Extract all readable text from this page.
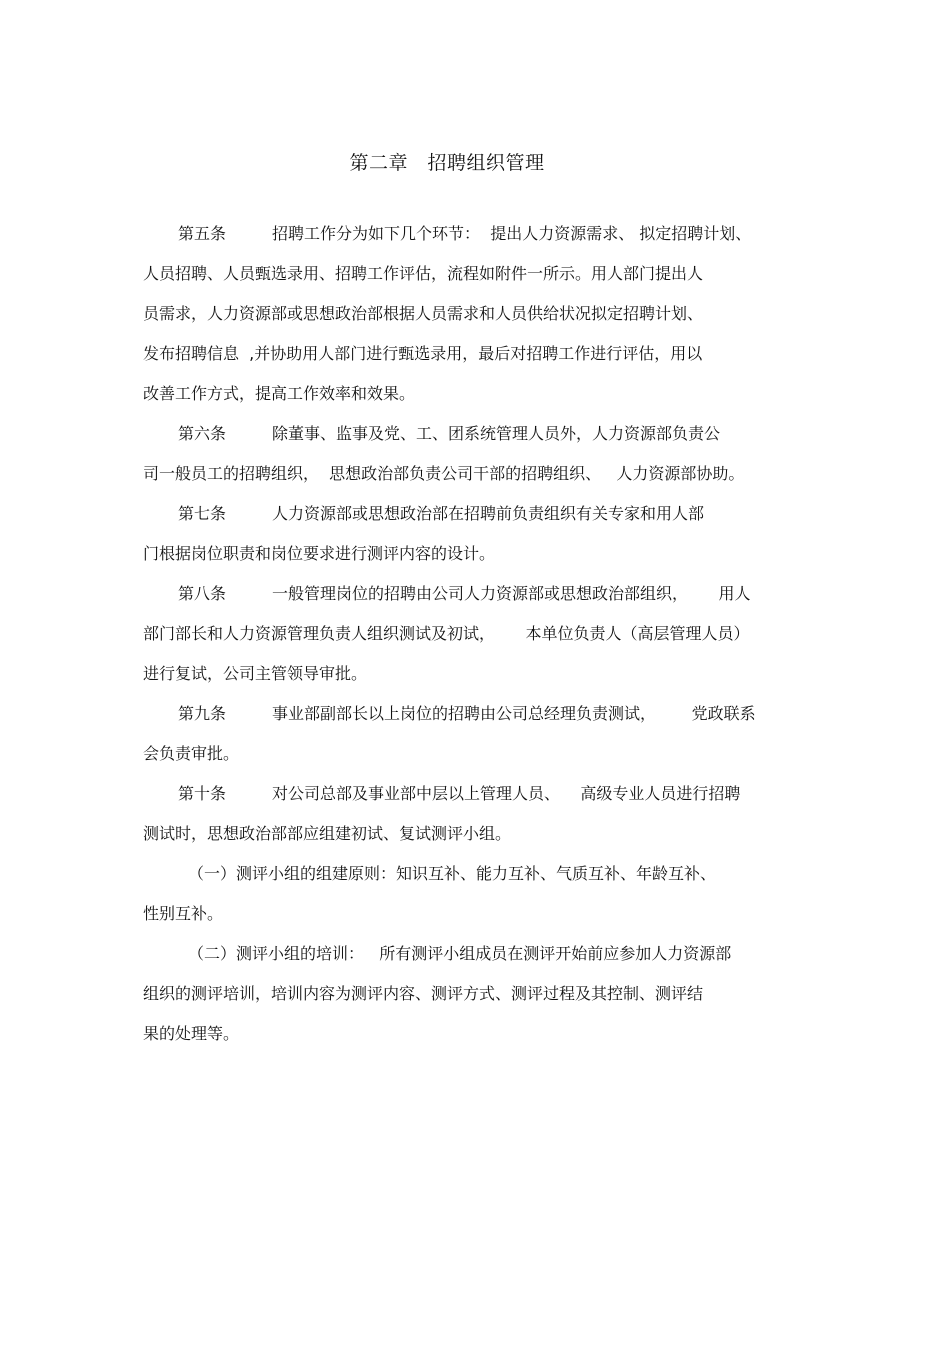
第二章   招聘组织管理
第五条	招聘工作分为如下几个环节：  提出人力资源需求、 拟定招聘计划、
人员招聘、人员甄选录用、招聘工作评估，流程如附件一所示。用人部门提出人
员需求，人力资源部或思想政治部根据人员需求和人员供给状况拟定招聘计划、
发布招聘信息  ,并协助用人部门进行甄选录用，最后对招聘工作进行评估，用以
改善工作方式，提高工作效率和效果。
第六条	除董事、监事及党、工、团系统管理人员外，人力资源部负责公
司一般员工的招聘组织，  思想政治部负责公司干部的招聘组织、   人力资源部协助。
第七条	人力资源部或思想政治部在招聘前负责组织有关专家和用人部
门根据岗位职责和岗位要求进行测评内容的设计。
第八条	一般管理岗位的招聘由公司人力资源部或思想政治部组织，      用人
部门部长和人力资源管理负责人组织测试及初试，      本单位负责人（高层管理人员）
进行复试，公司主管领导审批。
第九条	事业部副部长以上岗位的招聘由公司总经理负责测试，       党政联系
会负责审批。
第十条	对公司总部及事业部中层以上管理人员、    高级专业人员进行招聘
测试时，思想政治部部应组建初试、复试测评小组。
（一）测评小组的组建原则：知识互补、能力互补、气质互补、年龄互补、
性别互补。
（二）测评小组的培训：   所有测评小组成员在测评开始前应参加人力资源部
组织的测评培训，培训内容为测评内容、测评方式、测评过程及其控制、测评结
果的处理等。
